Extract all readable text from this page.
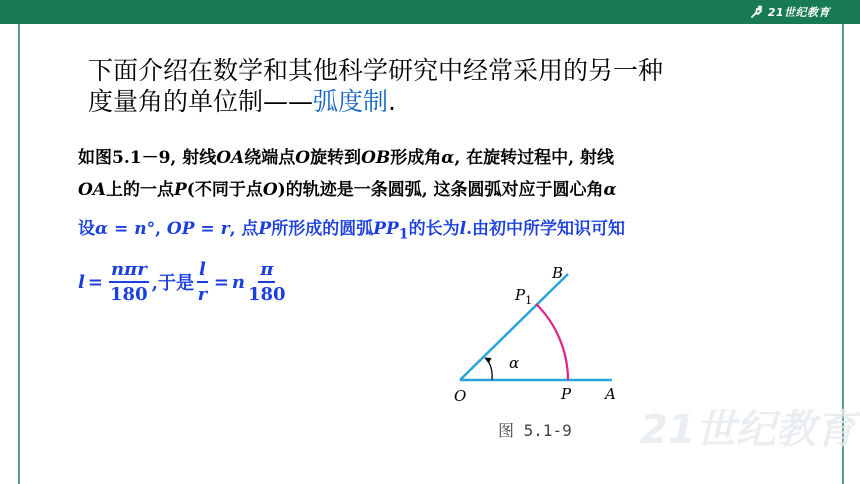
21世纪教育
下面介绍在数学和其他科学研究中经常采用的另一种
度量角的单位制——弧度制.
如图5.1－9, 射线OA绕端点O旋转到OB形成角α, 在旋转过程中, 射线
OA上的一点P(不同于点O)的轨迹是一条圆弧, 这条圆弧对应于圆心角α
设α = n°, OP = r, 点P所形成的圆弧$PP_1$的长为l.由初中所学知识可知
$l = \frac{\text{nπr}}{180}$ ,于是 $\frac{l}{r} = n \frac{\pi}{180}$	B
$P_1$
α
O	P A
图 5.1-9 21世纪教育
